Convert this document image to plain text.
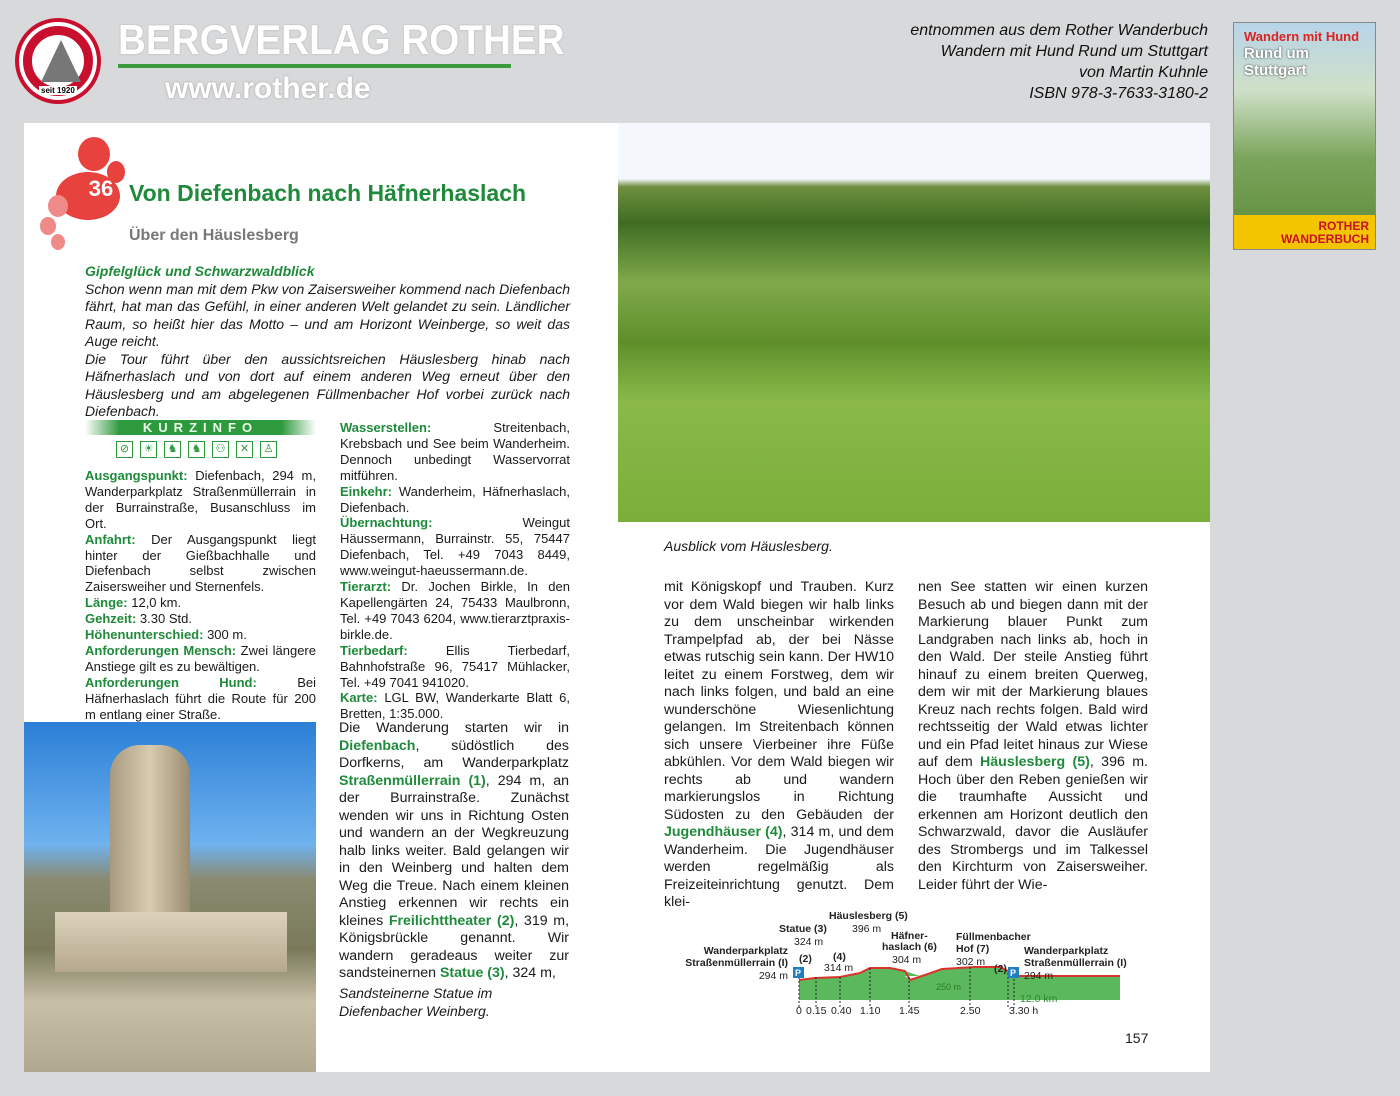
seit 1920
BERGVERLAG ROTHER
www.rother.de
entnommen aus dem Rother Wanderbuch
Wandern mit Hund Rund um Stuttgart
von Martin Kuhnle
ISBN 978-3-7633-3180-2
Wandern mit Hund
Rund um Stuttgart
ROTHER WANDERBUCH
36 Von Diefenbach nach Häfnerhaslach
Über den Häuslesberg
Gipfelglück und Schwarzwaldblick
Schon wenn man mit dem Pkw von Zaisersweiher kommend nach Diefenbach fährt, hat man das Gefühl, in einer anderen Welt gelandet zu sein. Ländlicher Raum, so heißt hier das Motto – und am Horizont Weinberge, so weit das Auge reicht.
Die Tour führt über den aussichtsreichen Häuslesberg hinab nach Häfnerhaslach und von dort auf einem anderen Weg erneut über den Häuslesberg und am abgelegenen Füllmenbacher Hof vorbei zurück nach Diefenbach.
KURZINFO
⊘	☀	♞	♞	⚇	✕	♙
Ausgangspunkt: Diefenbach, 294 m, Wanderparkplatz Straßenmüllerrain in der Burrainstraße, Busanschluss im Ort.
Anfahrt: Der Ausgangspunkt liegt hinter der Gießbachhalle und Diefenbach selbst zwischen Zaisersweiher und Sternenfels.
Länge: 12,0 km.
Gehzeit: 3.30 Std.
Höhenunterschied: 300 m.
Anforderungen Mensch: Zwei längere Anstiege gilt es zu bewältigen.
Anforderungen Hund: Bei Häfnerhaslach führt die Route für 200 m entlang einer Straße.
Wasserstellen: Streitenbach, Krebsbach und See beim Wanderheim. Dennoch unbedingt Wasservorrat mitführen.
Einkehr: Wanderheim, Häfnerhaslach, Diefenbach.
Übernachtung: Weingut Häussermann, Burrainstr. 55, 75447 Diefenbach, Tel. +49 7043 8449, www.weingut-haeussermann.de.
Tierarzt: Dr. Jochen Birkle, In den Kapellengärten 24, 75433 Maulbronn, Tel. +49 7043 6204, www.tierarztpraxis-birkle.de.
Tierbedarf: Ellis Tierbedarf, Bahnhofstraße 96, 75417 Mühlacker, Tel. +49 7041 941020.
Karte: LGL BW, Wanderkarte Blatt 6, Bretten, 1:35.000.
Die Wanderung starten wir in Diefenbach, südöstlich des Dorfkerns, am Wanderparkplatz Straßenmüllerrain (1), 294 m, an der Burrainstraße. Zunächst wenden wir uns in Richtung Osten und wandern an der Wegkreuzung halb links weiter. Bald gelangen wir in den Weinberg und halten dem Weg die Treue. Nach einem kleinen Anstieg erkennen wir rechts ein kleines Freilichttheater (2), 319 m, Königsbrückle genannt. Wir wandern geradeaus weiter zur sandsteinernen Statue (3), 324 m,
Sandsteinerne Statue im Diefenbacher Weinberg.
Ausblick vom Häuslesberg.
mit Königskopf und Trauben. Kurz vor dem Wald biegen wir halb links zu dem unscheinbar wirkenden Trampelpfad ab, der bei Nässe etwas rutschig sein kann. Der HW10 leitet zu einem Forstweg, dem wir nach links folgen, und bald an eine wunderschöne Wiesenlichtung gelangen. Im Streitenbach können sich unsere Vierbeiner ihre Füße abkühlen. Vor dem Wald biegen wir rechts ab und wandern markierungslos in Richtung Südosten zu den Gebäuden der Jugendhäuser (4), 314 m, und dem Wanderheim. Die Jugendhäuser werden regelmäßig als Freizeiteinrichtung genutzt. Dem klei-
nen See statten wir einen kurzen Besuch ab und biegen dann mit der Markierung blauer Punkt zum Landgraben nach links ab, hoch in den Wald. Der steile Anstieg führt hinauf zu einem breiten Querweg, dem wir mit der Markierung blaues Kreuz nach rechts folgen. Bald wird rechtsseitig der Wald etwas lichter und ein Pfad leitet hinaus zur Wiese auf dem Häuslesberg (5), 396 m. Hoch über den Reben genießen wir die traumhafte Aussicht und erkennen am Horizont deutlich den Schwarzwald, davor die Ausläufer des Strombergs und im Talkessel den Kirchturm von Zaisersweiher. Leider führt der Wie-
P	P
Wanderparkplatz
Straßenmüllerrain (I)
294 m
(2)
Statue (3)
324 m
(4)
314 m
Häuslesberg (5)
396 m
Häfner-
haslach (6)
304 m
Füllmenbacher
Hof (7)
302 m
(2)
Wanderparkplatz
Straßenmüllerrain (I)
294 m
250 m
12.0 km
0 0.15 0.40 1.10 1.45	2.50	3.30 h
157
